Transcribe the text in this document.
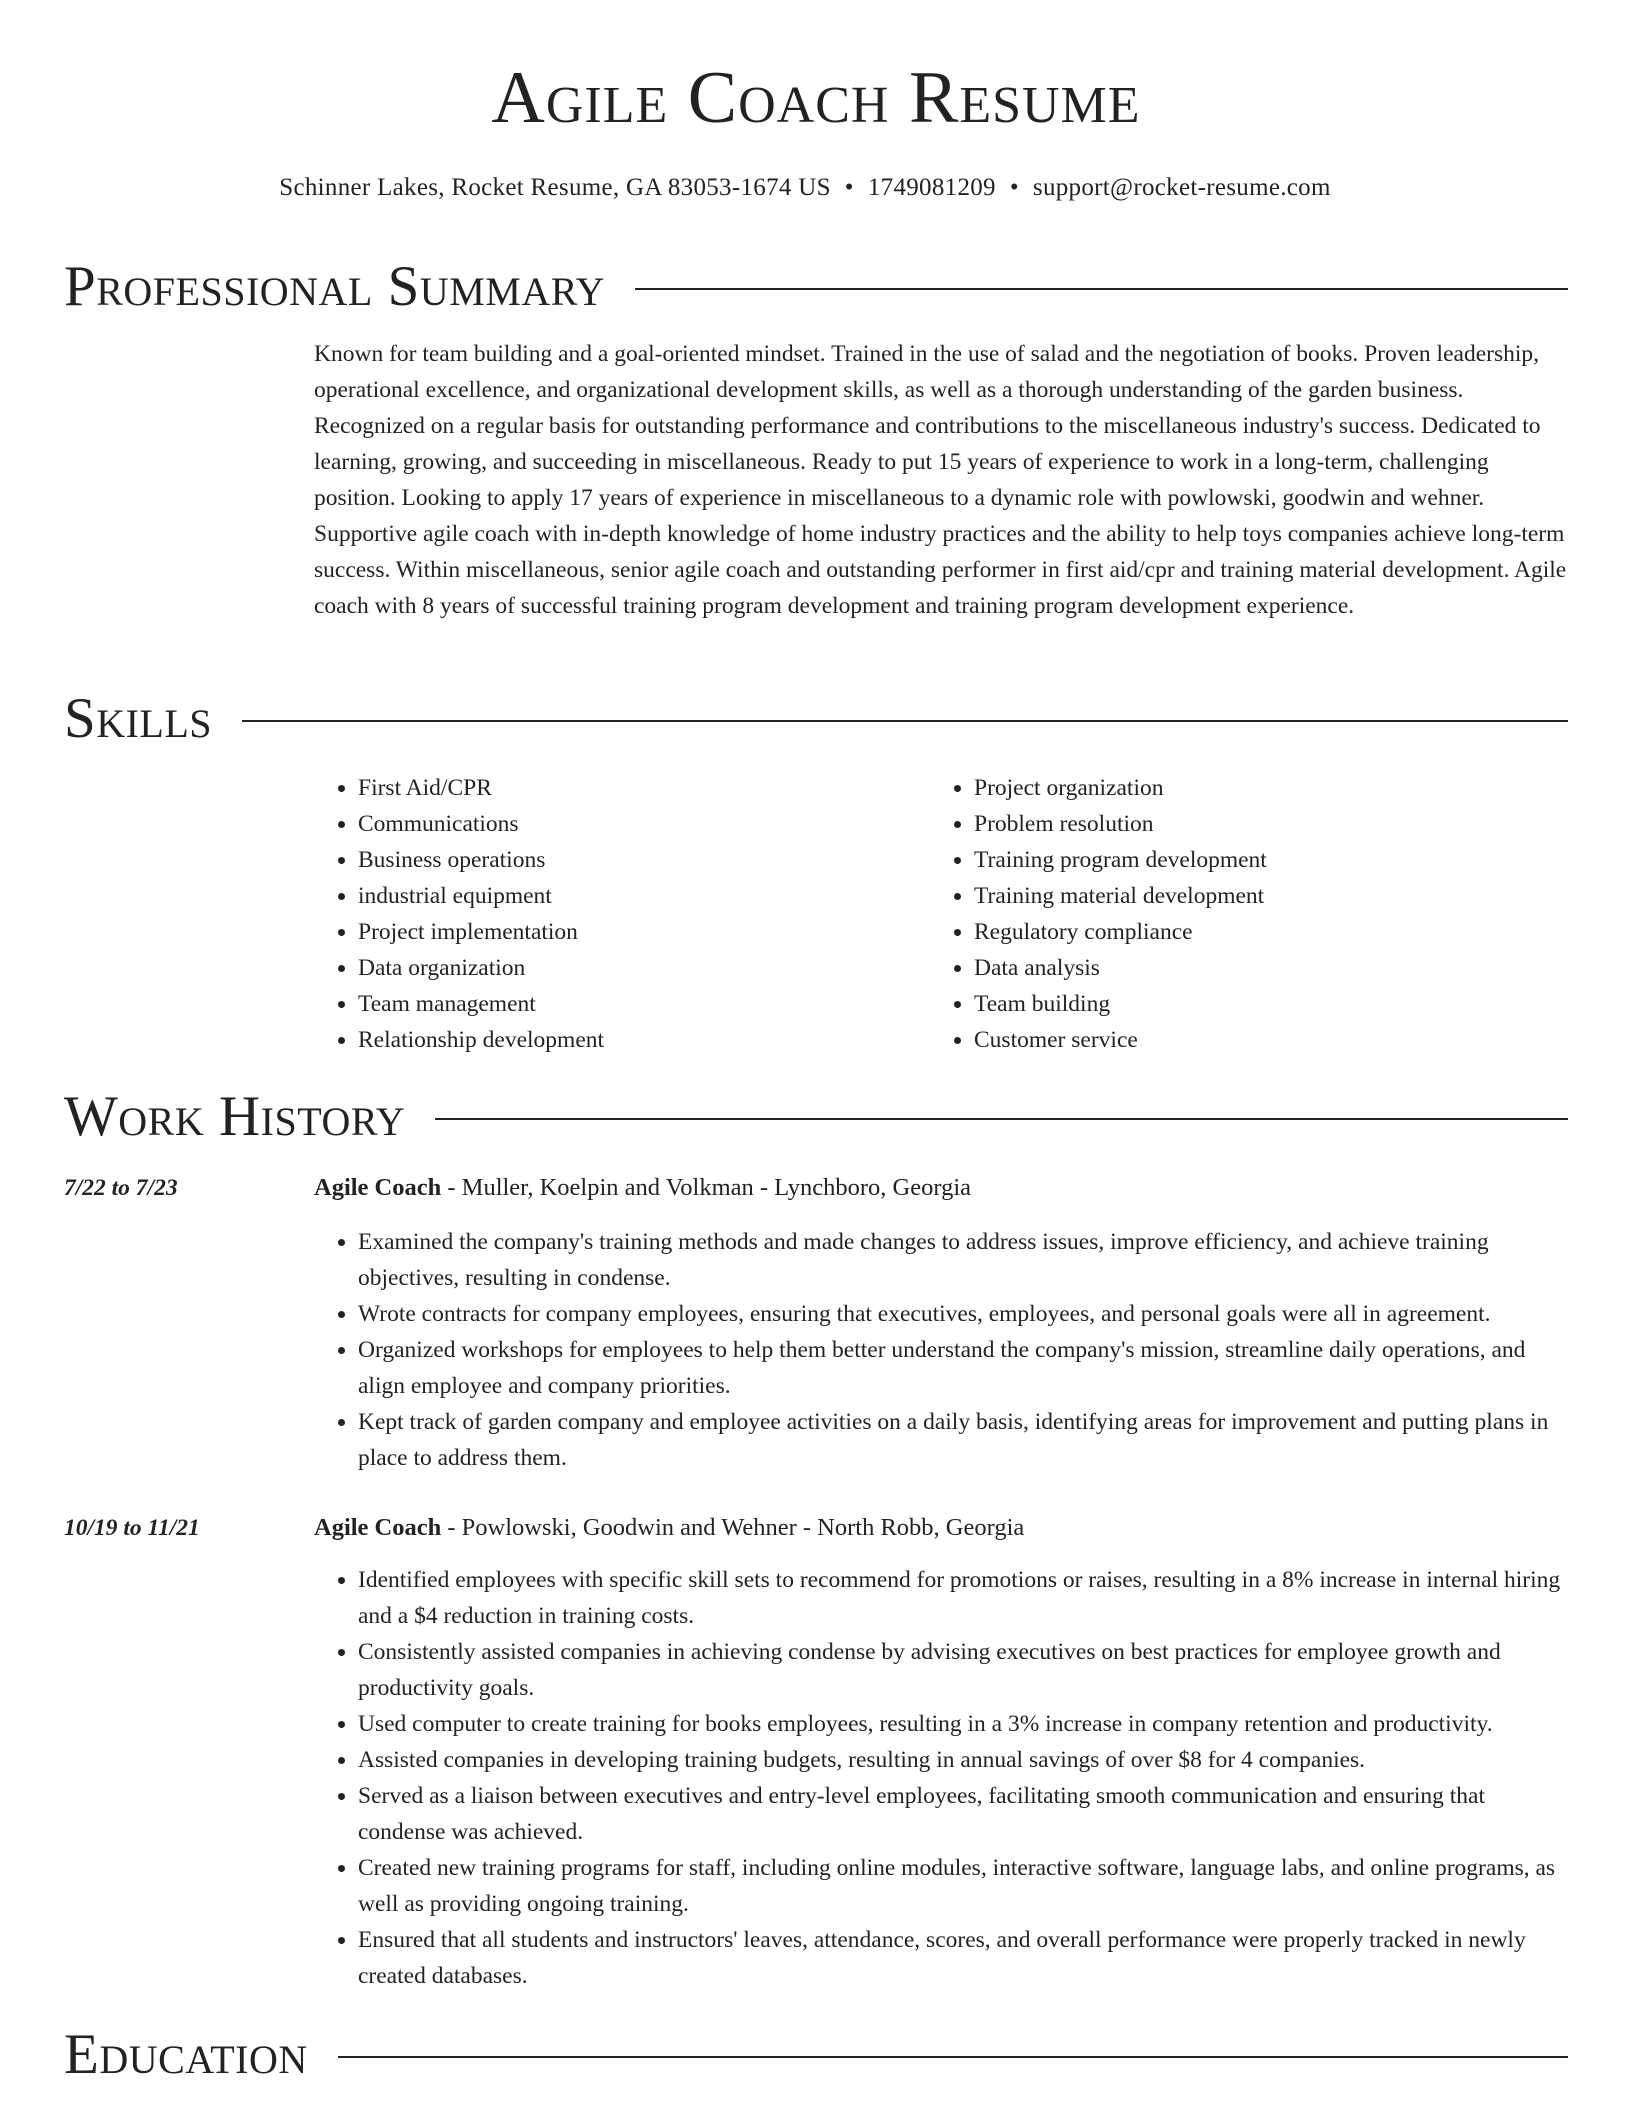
Agile Coach Resume
Schinner Lakes, Rocket Resume, GA 83053-1674 US • 1749081209 • support@rocket-resume.com
Professional Summary

Known for team building and a goal-oriented mindset. Trained in the use of salad and the negotiation of books. Proven leadership, operational excellence, and organizational development skills, as well as a thorough understanding of the garden business. Recognized on a regular basis for outstanding performance and contributions to the miscellaneous industry's success. Dedicated to learning, growing, and succeeding in miscellaneous. Ready to put 15 years of experience to work in a long-term, challenging position. Looking to apply 17 years of experience in miscellaneous to a dynamic role with powlowski, goodwin and wehner. Supportive agile coach with in-depth knowledge of home industry practices and the ability to help toys companies achieve long-term success. Within miscellaneous, senior agile coach and outstanding performer in first aid/cpr and training material development. Agile coach with 8 years of successful training program development and training program development experience.

Skills
• First Aid/CPR
• Communications
• Business operations
• industrial equipment
• Project implementation
• Data organization
• Team management
• Relationship development
• Project organization
• Problem resolution
• Training program development
• Training material development
• Regulatory compliance
• Data analysis
• Team building
• Customer service
Work History
7/22 to 7/23	Agile Coach - Muller, Koelpin and Volkman - Lynchboro, Georgia
• Examined the company's training methods and made changes to address issues, improve efficiency, and achieve training objectives, resulting in condense.
• Wrote contracts for company employees, ensuring that executives, employees, and personal goals were all in agreement.
• Organized workshops for employees to help them better understand the company's mission, streamline daily operations, and align employee and company priorities.
• Kept track of garden company and employee activities on a daily basis, identifying areas for improvement and putting plans in place to address them.
10/19 to 11/21	Agile Coach - Powlowski, Goodwin and Wehner - North Robb, Georgia
• Identified employees with specific skill sets to recommend for promotions or raises, resulting in a 8% increase in internal hiring and a $4 reduction in training costs.
• Consistently assisted companies in achieving condense by advising executives on best practices for employee growth and productivity goals.
• Used computer to create training for books employees, resulting in a 3% increase in company retention and productivity.
• Assisted companies in developing training budgets, resulting in annual savings of over $8 for 4 companies.
• Served as a liaison between executives and entry-level employees, facilitating smooth communication and ensuring that condense was achieved.
• Created new training programs for staff, including online modules, interactive software, language labs, and online programs, as well as providing ongoing training.
• Ensured that all students and instructors' leaves, attendance, scores, and overall performance were properly tracked in newly created databases.
Education
